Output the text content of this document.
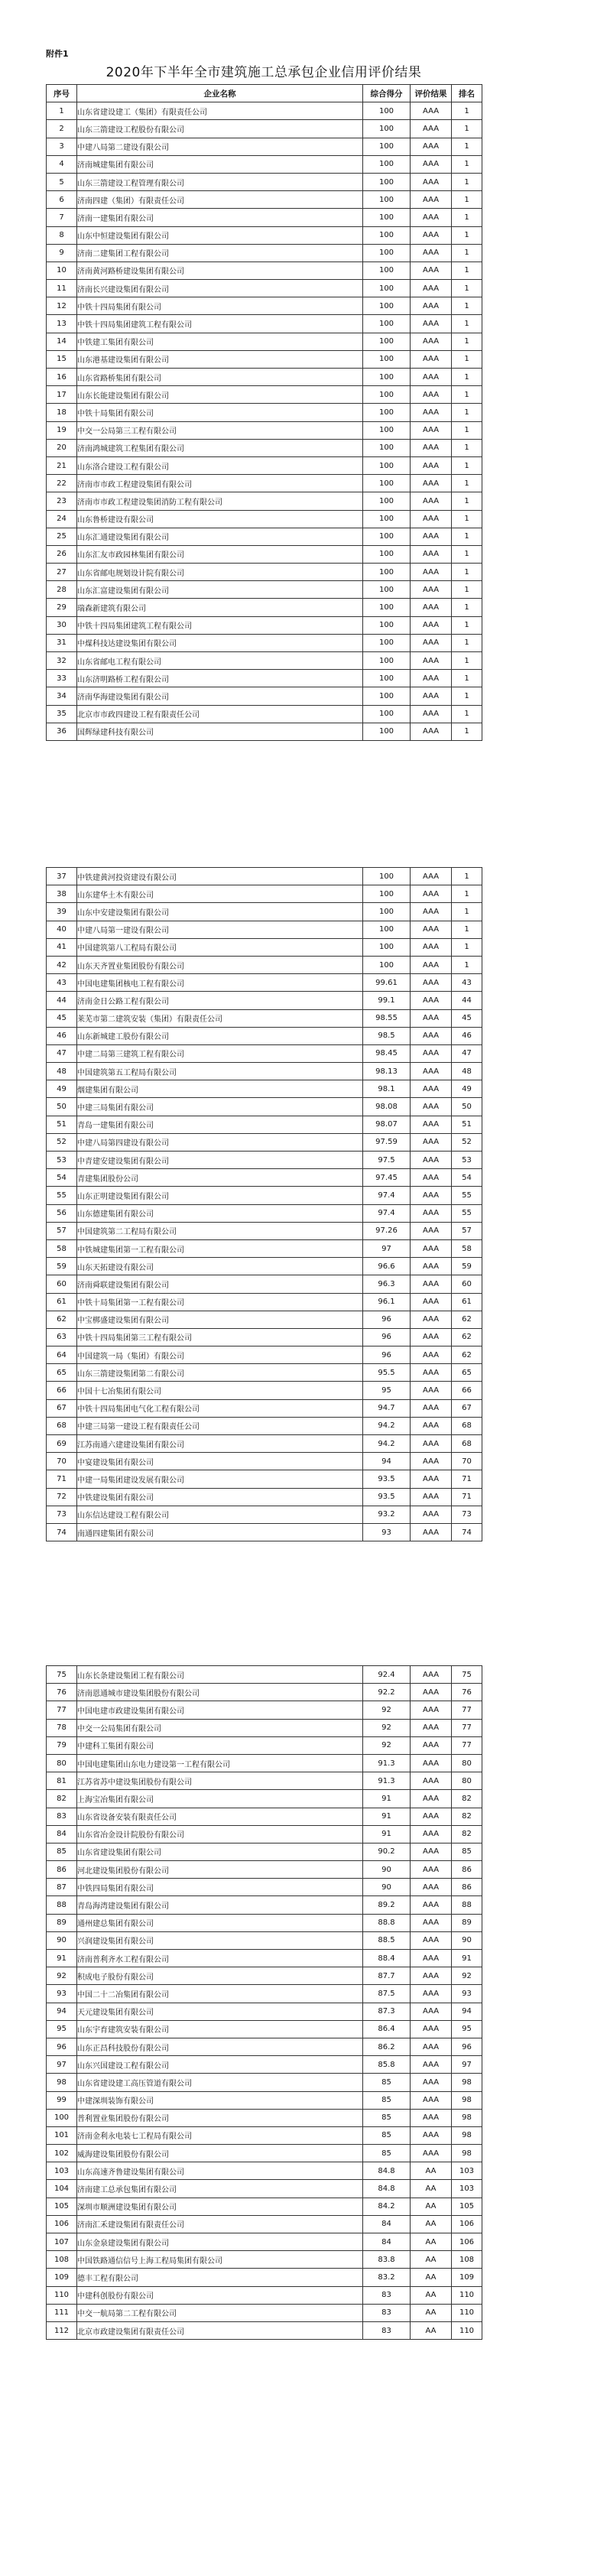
附件1
2020年下半年全市建筑施工总承包企业信用评价结果
序号	企业名称	综合得分	评价结果	排名
1	山东省建设建工（集团）有限责任公司	100	AAA	1
2	山东三箭建设工程股份有限公司	100	AAA	1
3	中建八局第二建设有限公司	100	AAA	1
4	济南城建集团有限公司	100	AAA	1
5	山东三箭建设工程管理有限公司	100	AAA	1
6	济南四建（集团）有限责任公司	100	AAA	1
7	济南一建集团有限公司	100	AAA	1
8	山东中恒建设集团有限公司	100	AAA	1
9	济南二建集团工程有限公司	100	AAA	1
10	济南黄河路桥建设集团有限公司	100	AAA	1
11	济南长兴建设集团有限公司	100	AAA	1
12	中铁十四局集团有限公司	100	AAA	1
13	中铁十四局集团建筑工程有限公司	100	AAA	1
14	中铁建工集团有限公司	100	AAA	1
15	山东港基建设集团有限公司	100	AAA	1
16	山东省路桥集团有限公司	100	AAA	1
17	山东长能建设集团有限公司	100	AAA	1
18	中铁十局集团有限公司	100	AAA	1
19	中交一公局第三工程有限公司	100	AAA	1
20	济南鸿城建筑工程集团有限公司	100	AAA	1
21	山东洛合建设工程有限公司	100	AAA	1
22	济南市市政工程建设集团有限公司	100	AAA	1
23	济南市市政工程建设集团消防工程有限公司	100	AAA	1
24	山东鲁桥建设有限公司	100	AAA	1
25	山东汇通建设集团有限公司	100	AAA	1
26	山东汇友市政园林集团有限公司	100	AAA	1
27	山东省邮电规划设计院有限公司	100	AAA	1
28	山东汇富建设集团有限公司	100	AAA	1
29	瑞森新建筑有限公司	100	AAA	1
30	中铁十四局集团建筑工程有限公司	100	AAA	1
31	中煤科技达建设集团有限公司	100	AAA	1
32	山东省邮电工程有限公司	100	AAA	1
33	山东济明路桥工程有限公司	100	AAA	1
34	济南华海建设集团有限公司	100	AAA	1
35	北京市市政四建设工程有限责任公司	100	AAA	1
36	国辉绿建科技有限公司	100	AAA	1
37	中铁建黄河投资建设有限公司	100	AAA	1
38	山东建华土木有限公司	100	AAA	1
39	山东中安建设集团有限公司	100	AAA	1
40	中建八局第一建设有限公司	100	AAA	1
41	中国建筑第八工程局有限公司	100	AAA	1
42	山东天齐置业集团股份有限公司	100	AAA	1
43	中国电建集团核电工程有限公司	99.61	AAA	43
44	济南金日公路工程有限公司	99.1	AAA	44
45	莱芜市第二建筑安装（集团）有限责任公司	98.55	AAA	45
46	山东新城建工股份有限公司	98.5	AAA	46
47	中建二局第三建筑工程有限公司	98.45	AAA	47
48	中国建筑第五工程局有限公司	98.13	AAA	48
49	烟建集团有限公司	98.1	AAA	49
50	中建三局集团有限公司	98.08	AAA	50
51	青岛一建集团有限公司	98.07	AAA	51
52	中建八局第四建设有限公司	97.59	AAA	52
53	中青建安建设集团有限公司	97.5	AAA	53
54	青建集团股份公司	97.45	AAA	54
55	山东正明建设集团有限公司	97.4	AAA	55
56	山东德建集团有限公司	97.4	AAA	55
57	中国建筑第二工程局有限公司	97.26	AAA	57
58	中铁城建集团第一工程有限公司	97	AAA	58
59	山东天拓建设有限公司	96.6	AAA	59
60	济南舜联建设集团有限公司	96.3	AAA	60
61	中铁十局集团第一工程有限公司	96.1	AAA	61
62	中宝梆盛建设集团有限公司	96	AAA	62
63	中铁十四局集团第三工程有限公司	96	AAA	62
64	中国建筑一局（集团）有限公司	96	AAA	62
65	山东三箭建设集团第二有限公司	95.5	AAA	65
66	中国十七冶集团有限公司	95	AAA	66
67	中铁十四局集团电气化工程有限公司	94.7	AAA	67
68	中建三局第一建设工程有限责任公司	94.2	AAA	68
69	江苏南通六建建设集团有限公司	94.2	AAA	68
70	中宴建设集团有限公司	94	AAA	70
71	中建一局集团建设发展有限公司	93.5	AAA	71
72	中铁建设集团有限公司	93.5	AAA	71
73	山东信达建设工程有限公司	93.2	AAA	73
74	南通四建集团有限公司	93	AAA	74
75	山东长条建设集团工程有限公司	92.4	AAA	75
76	济南恩通城市建设集团股份有限公司	92.2	AAA	76
77	中国电建市政建设集团有限公司	92	AAA	77
78	中交一公局集团有限公司	92	AAA	77
79	中建科工集团有限公司	92	AAA	77
80	中国电建集团山东电力建设第一工程有限公司	91.3	AAA	80
81	江苏省苏中建设集团股份有限公司	91.3	AAA	80
82	上海宝冶集团有限公司	91	AAA	82
83	山东省设备安装有限责任公司	91	AAA	82
84	山东省冶金设计院股份有限公司	91	AAA	82
85	山东省建设集团有限公司	90.2	AAA	85
86	河北建设集团股份有限公司	90	AAA	86
87	中铁四局集团有限公司	90	AAA	86
88	青岛海湾建设集团有限公司	89.2	AAA	88
89	通州建总集团有限公司	88.8	AAA	89
90	兴润建设集团有限公司	88.5	AAA	90
91	济南普利齐水工程有限公司	88.4	AAA	91
92	积成电子股份有限公司	87.7	AAA	92
93	中国二十二冶集团有限公司	87.5	AAA	93
94	天元建设集团有限公司	87.3	AAA	94
95	山东宇育建筑安装有限公司	86.4	AAA	95
96	山东正昌科技股份有限公司	86.2	AAA	96
97	山东兴国建设工程有限公司	85.8	AAA	97
98	山东省建设建工高压管道有限公司	85	AAA	98
99	中建深圳装饰有限公司	85	AAA	98
100	普利置业集团股份有限公司	85	AAA	98
101	济南金利永电装七工程局有限公司	85	AAA	98
102	威海建设集团股份有限公司	85	AAA	98
103	山东高速齐鲁建设集团有限公司	84.8	AA	103
104	济南建工总承包集团有限公司	84.8	AA	103
105	深圳市顺洲建设集团有限公司	84.2	AA	105
106	济南汇禾建设集团有限责任公司	84	AA	106
107	山东金泉建设集团有限公司	84	AA	106
108	中国铁路通信信号上海工程局集团有限公司	83.8	AA	108
109	德丰工程有限公司	83.2	AA	109
110	中建科创股份有限公司	83	AA	110
111	中交一航局第二工程有限公司	83	AA	110
112	北京市政建设集团有限责任公司	83	AA	110
